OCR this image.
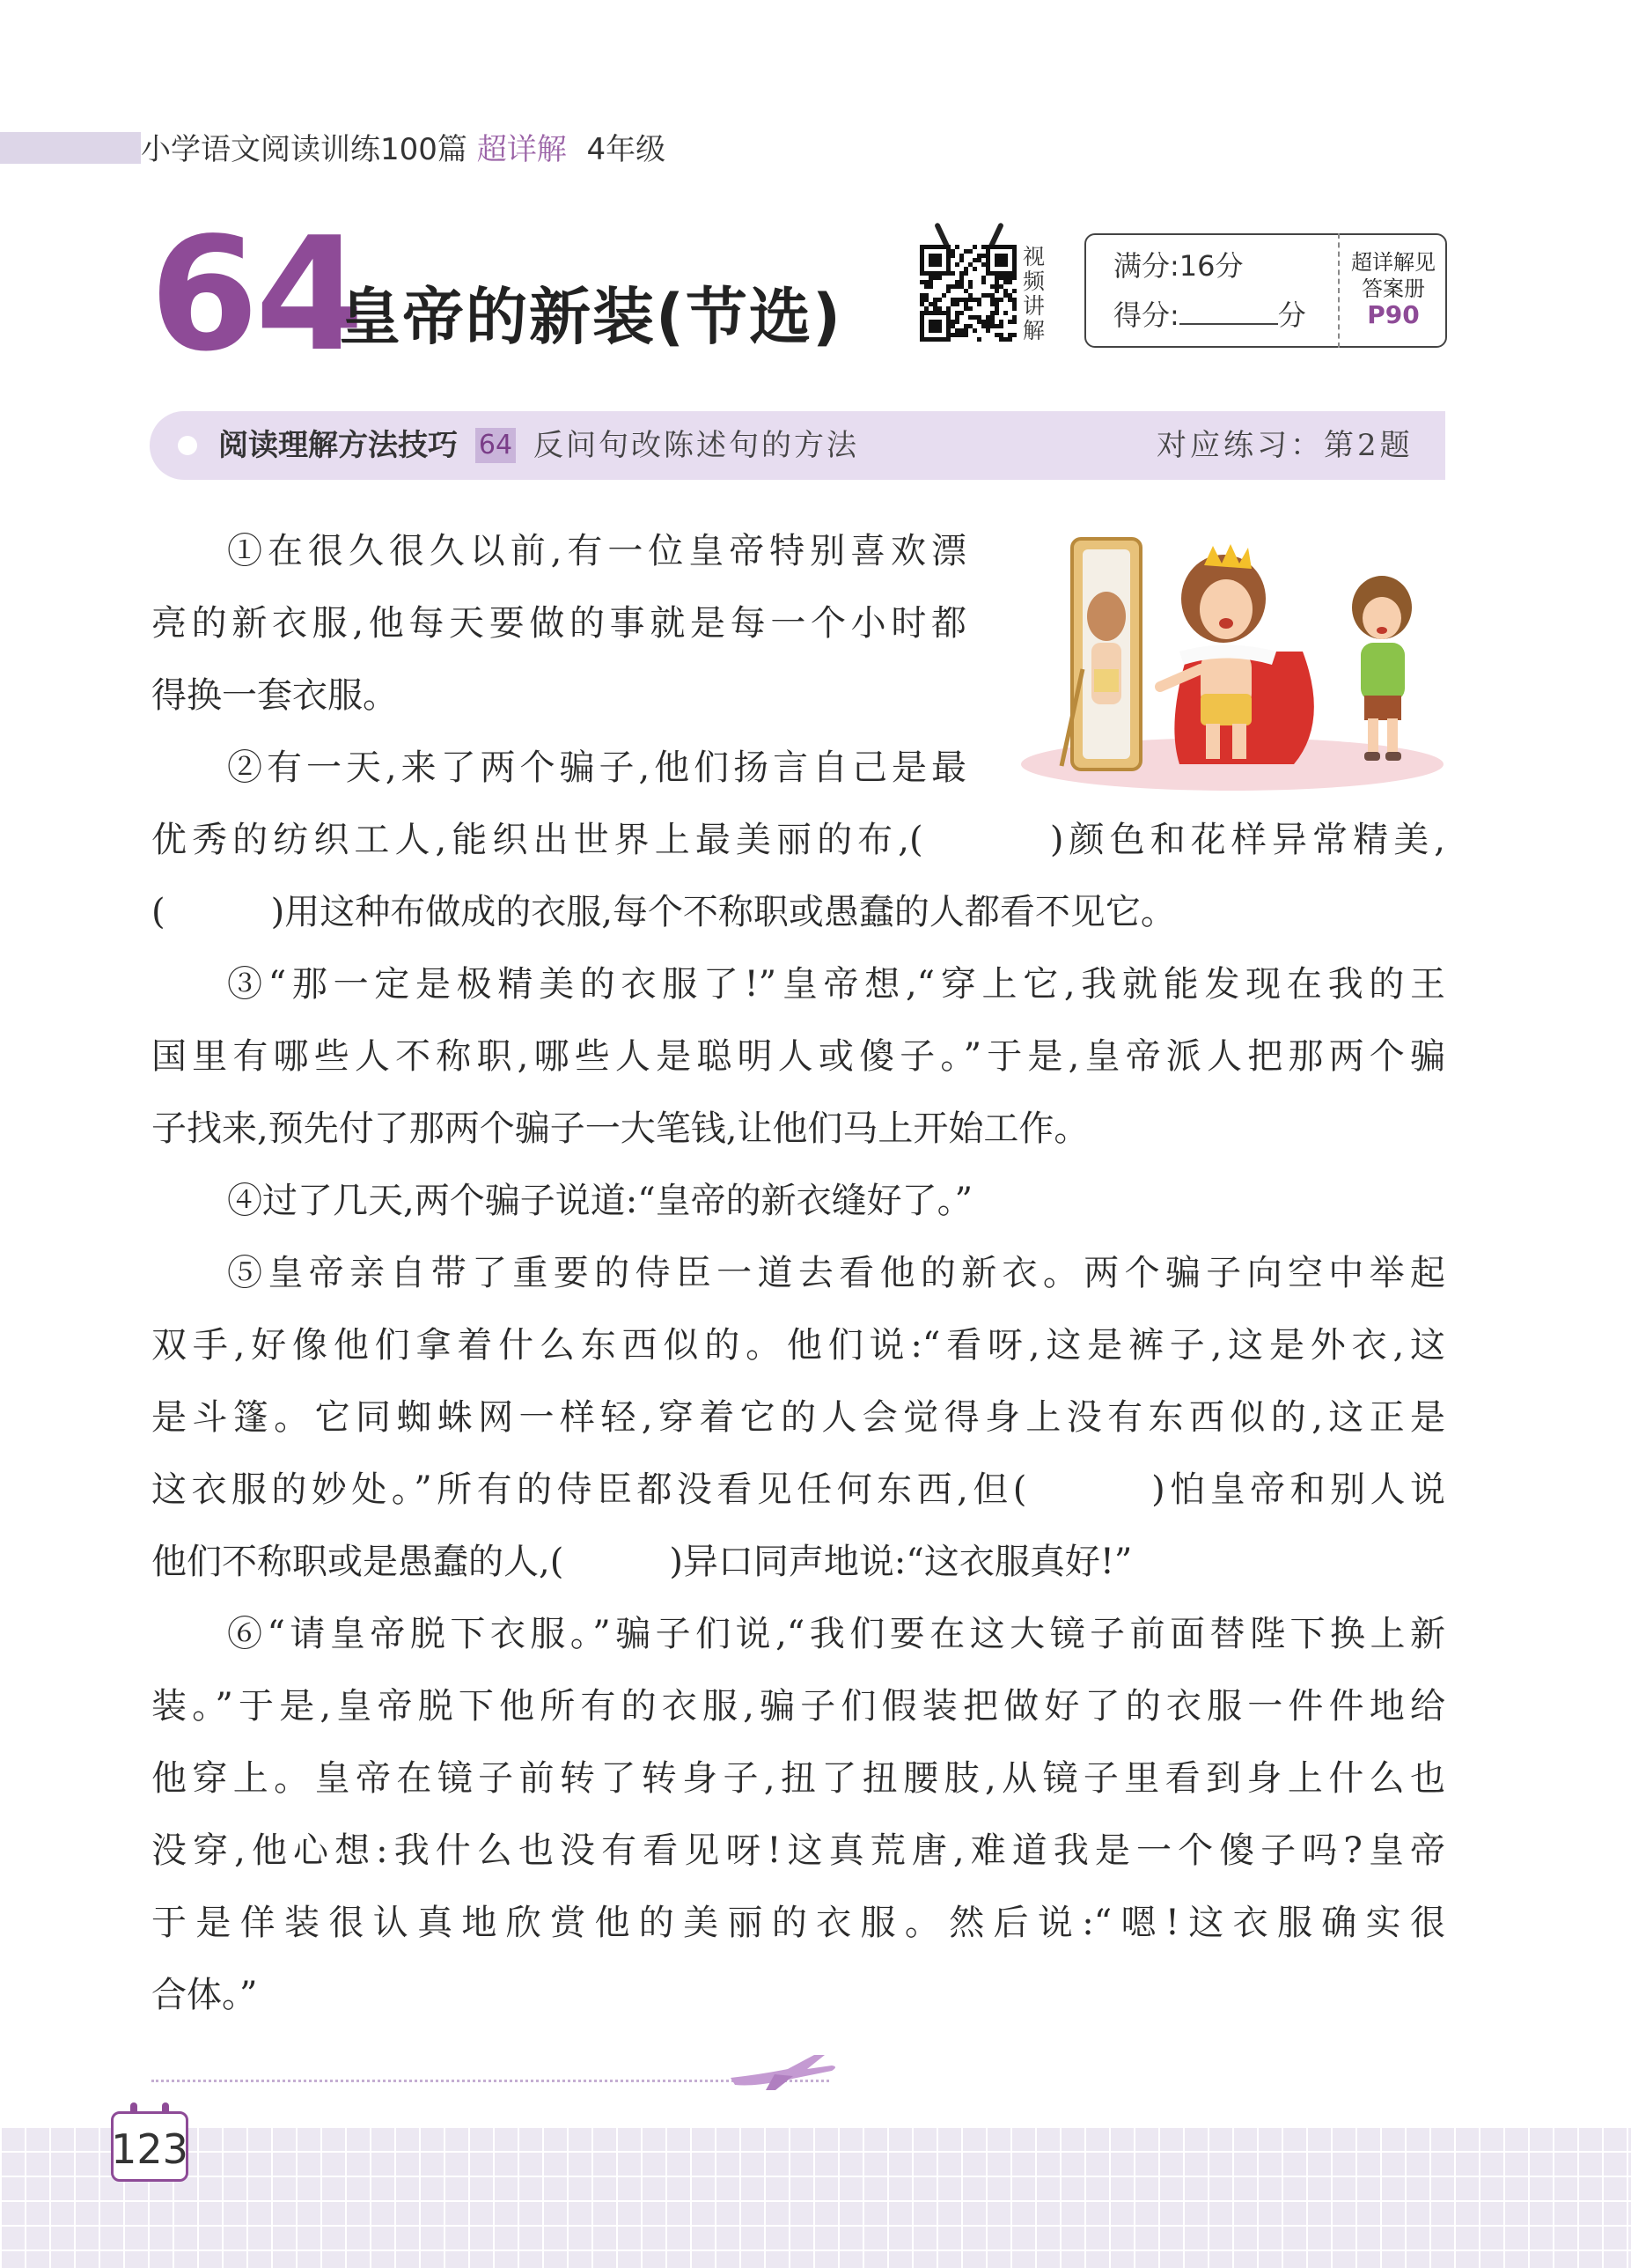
小学语文阅读训练100篇 超详解 4年级
64
皇帝的新装(节选)
视
频
讲
解
满分:16分
得分:	分
超详解见
答案册
P90
阅读理解方法技巧 64 反问句改陈述句的方法	对应练习：第2题
①在很久很久以前,有一位皇帝特别喜欢漂
亮的新衣服,他每天要做的事就是每一个小时都
得换一套衣服。
②有一天,来了两个骗子,他们扬言自己是最
优秀的纺织工人,能织出世界上最美丽的布,(　　　)颜色和花样异常精美,
(　　　)用这种布做成的衣服,每个不称职或愚蠢的人都看不见它。
③“那一定是极精美的衣服了!”皇帝想,“穿上它,我就能发现在我的王
国里有哪些人不称职,哪些人是聪明人或傻子。”于是,皇帝派人把那两个骗
子找来,预先付了那两个骗子一大笔钱,让他们马上开始工作。
④过了几天,两个骗子说道:“皇帝的新衣缝好了。”
⑤皇帝亲自带了重要的侍臣一道去看他的新衣。两个骗子向空中举起
双手,好像他们拿着什么东西似的。他们说:“看呀,这是裤子,这是外衣,这
是斗篷。它同蜘蛛网一样轻,穿着它的人会觉得身上没有东西似的,这正是
这衣服的妙处。”所有的侍臣都没看见任何东西,但(　　　)怕皇帝和别人说
他们不称职或是愚蠢的人,(　　　)异口同声地说:“这衣服真好!”
⑥“请皇帝脱下衣服。”骗子们说,“我们要在这大镜子前面替陛下换上新
装。”于是,皇帝脱下他所有的衣服,骗子们假装把做好了的衣服一件件地给
他穿上。皇帝在镜子前转了转身子,扭了扭腰肢,从镜子里看到身上什么也
没穿,他心想:我什么也没有看见呀!这真荒唐,难道我是一个傻子吗?皇帝
于是佯装很认真地欣赏他的美丽的衣服。然后说:“嗯!这衣服确实很
合体。”
123
